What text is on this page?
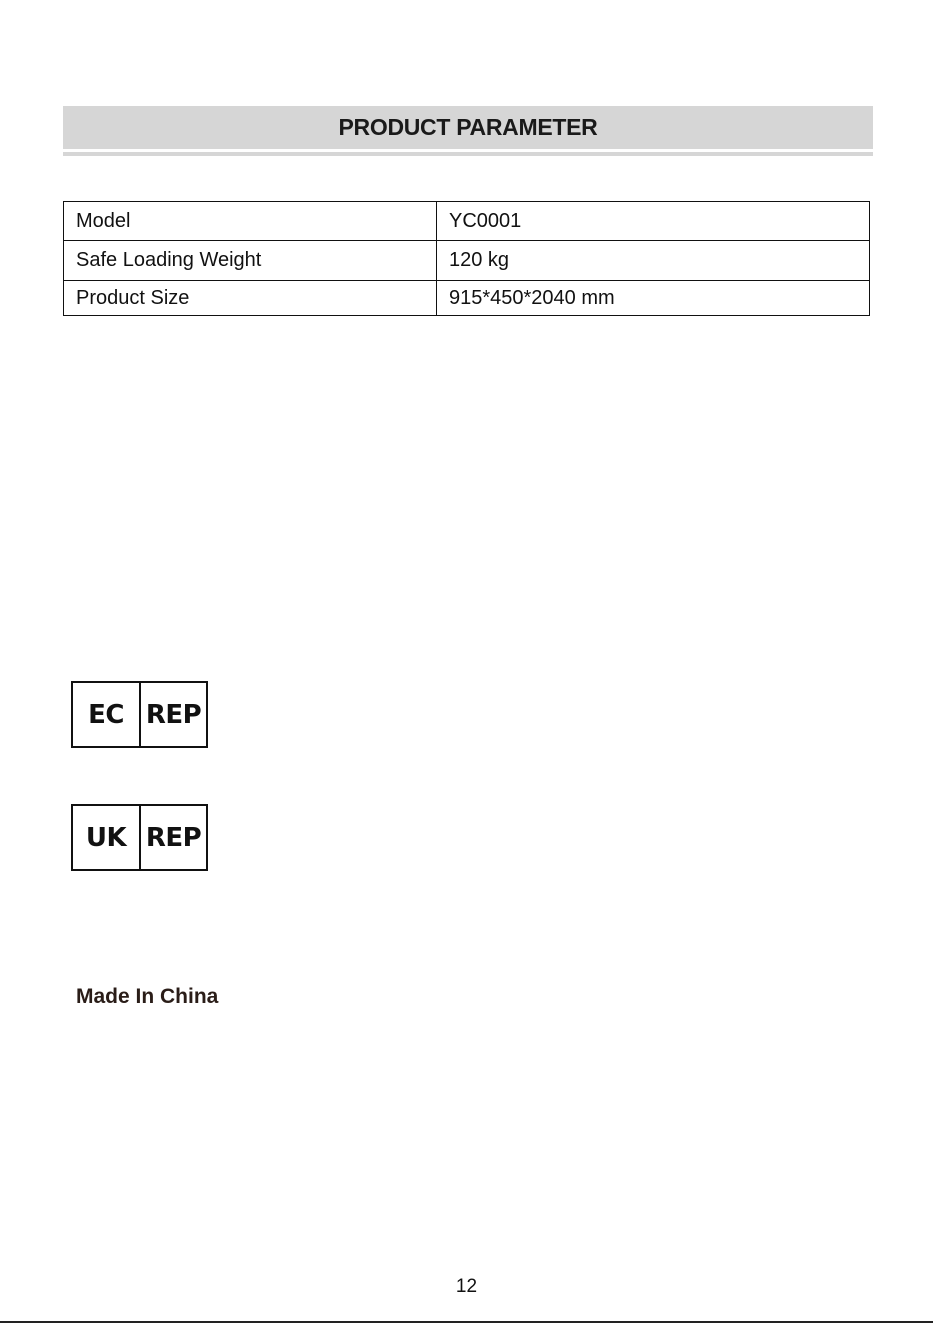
PRODUCT PARAMETER
Model	YC0001
Safe Loading Weight	120 kg
Product Size	915*450*2040 mm
EC REP
UK REP
Made In China
12
